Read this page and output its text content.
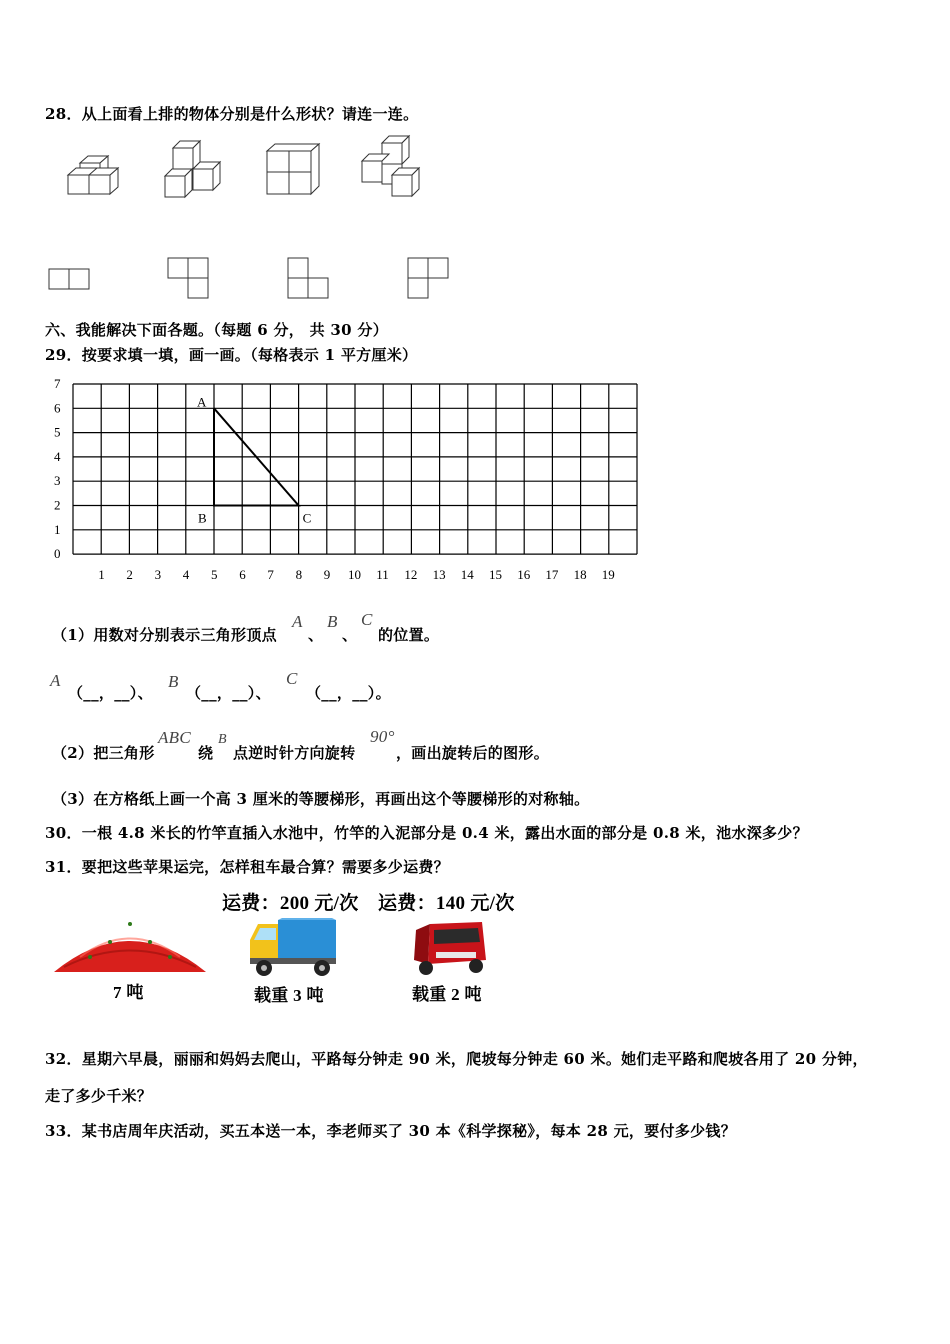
28．从上面看上排的物体分别是什么形状？请连一连。
六、我能解决下面各题。（每题 6 分， 共 30 分）
29．按要求填一填，画一画。（每格表示 1 平方厘米）
0
1
2
3
4
5
6
7
1 2 3 4 5 6 7 8 9 10 11 12 13 14 15 16 17 18 19
A
B	C
（1）用数对分别表示三角形顶点
A
、
B
、
C
的位置。
A
（__，__）、
B
（__，__）、
C
（__，__）。
（2）把三角形
ABC
绕
B
点逆时针方向旋转
90°
，画出旋转后的图形。
（3）在方格纸上画一个高 3 厘米的等腰梯形，再画出这个等腰梯形的对称轴。
30．一根 4.8 米长的竹竿直插入水池中，竹竿的入泥部分是 0.4 米，露出水面的部分是 0.8 米，池水深多少？
31．要把这些苹果运完，怎样租车最合算？需要多少运费？
运费：200 元/次 运费：140 元/次
7 吨	载重 3 吨	载重 2 吨
32．星期六早晨，丽丽和妈妈去爬山，平路每分钟走 90 米，爬坡每分钟走 60 米。她们走平路和爬坡各用了 20 分钟，
走了多少千米？
33．某书店周年庆活动，买五本送一本，李老师买了 30 本《科学探秘》，每本 28 元，要付多少钱？
